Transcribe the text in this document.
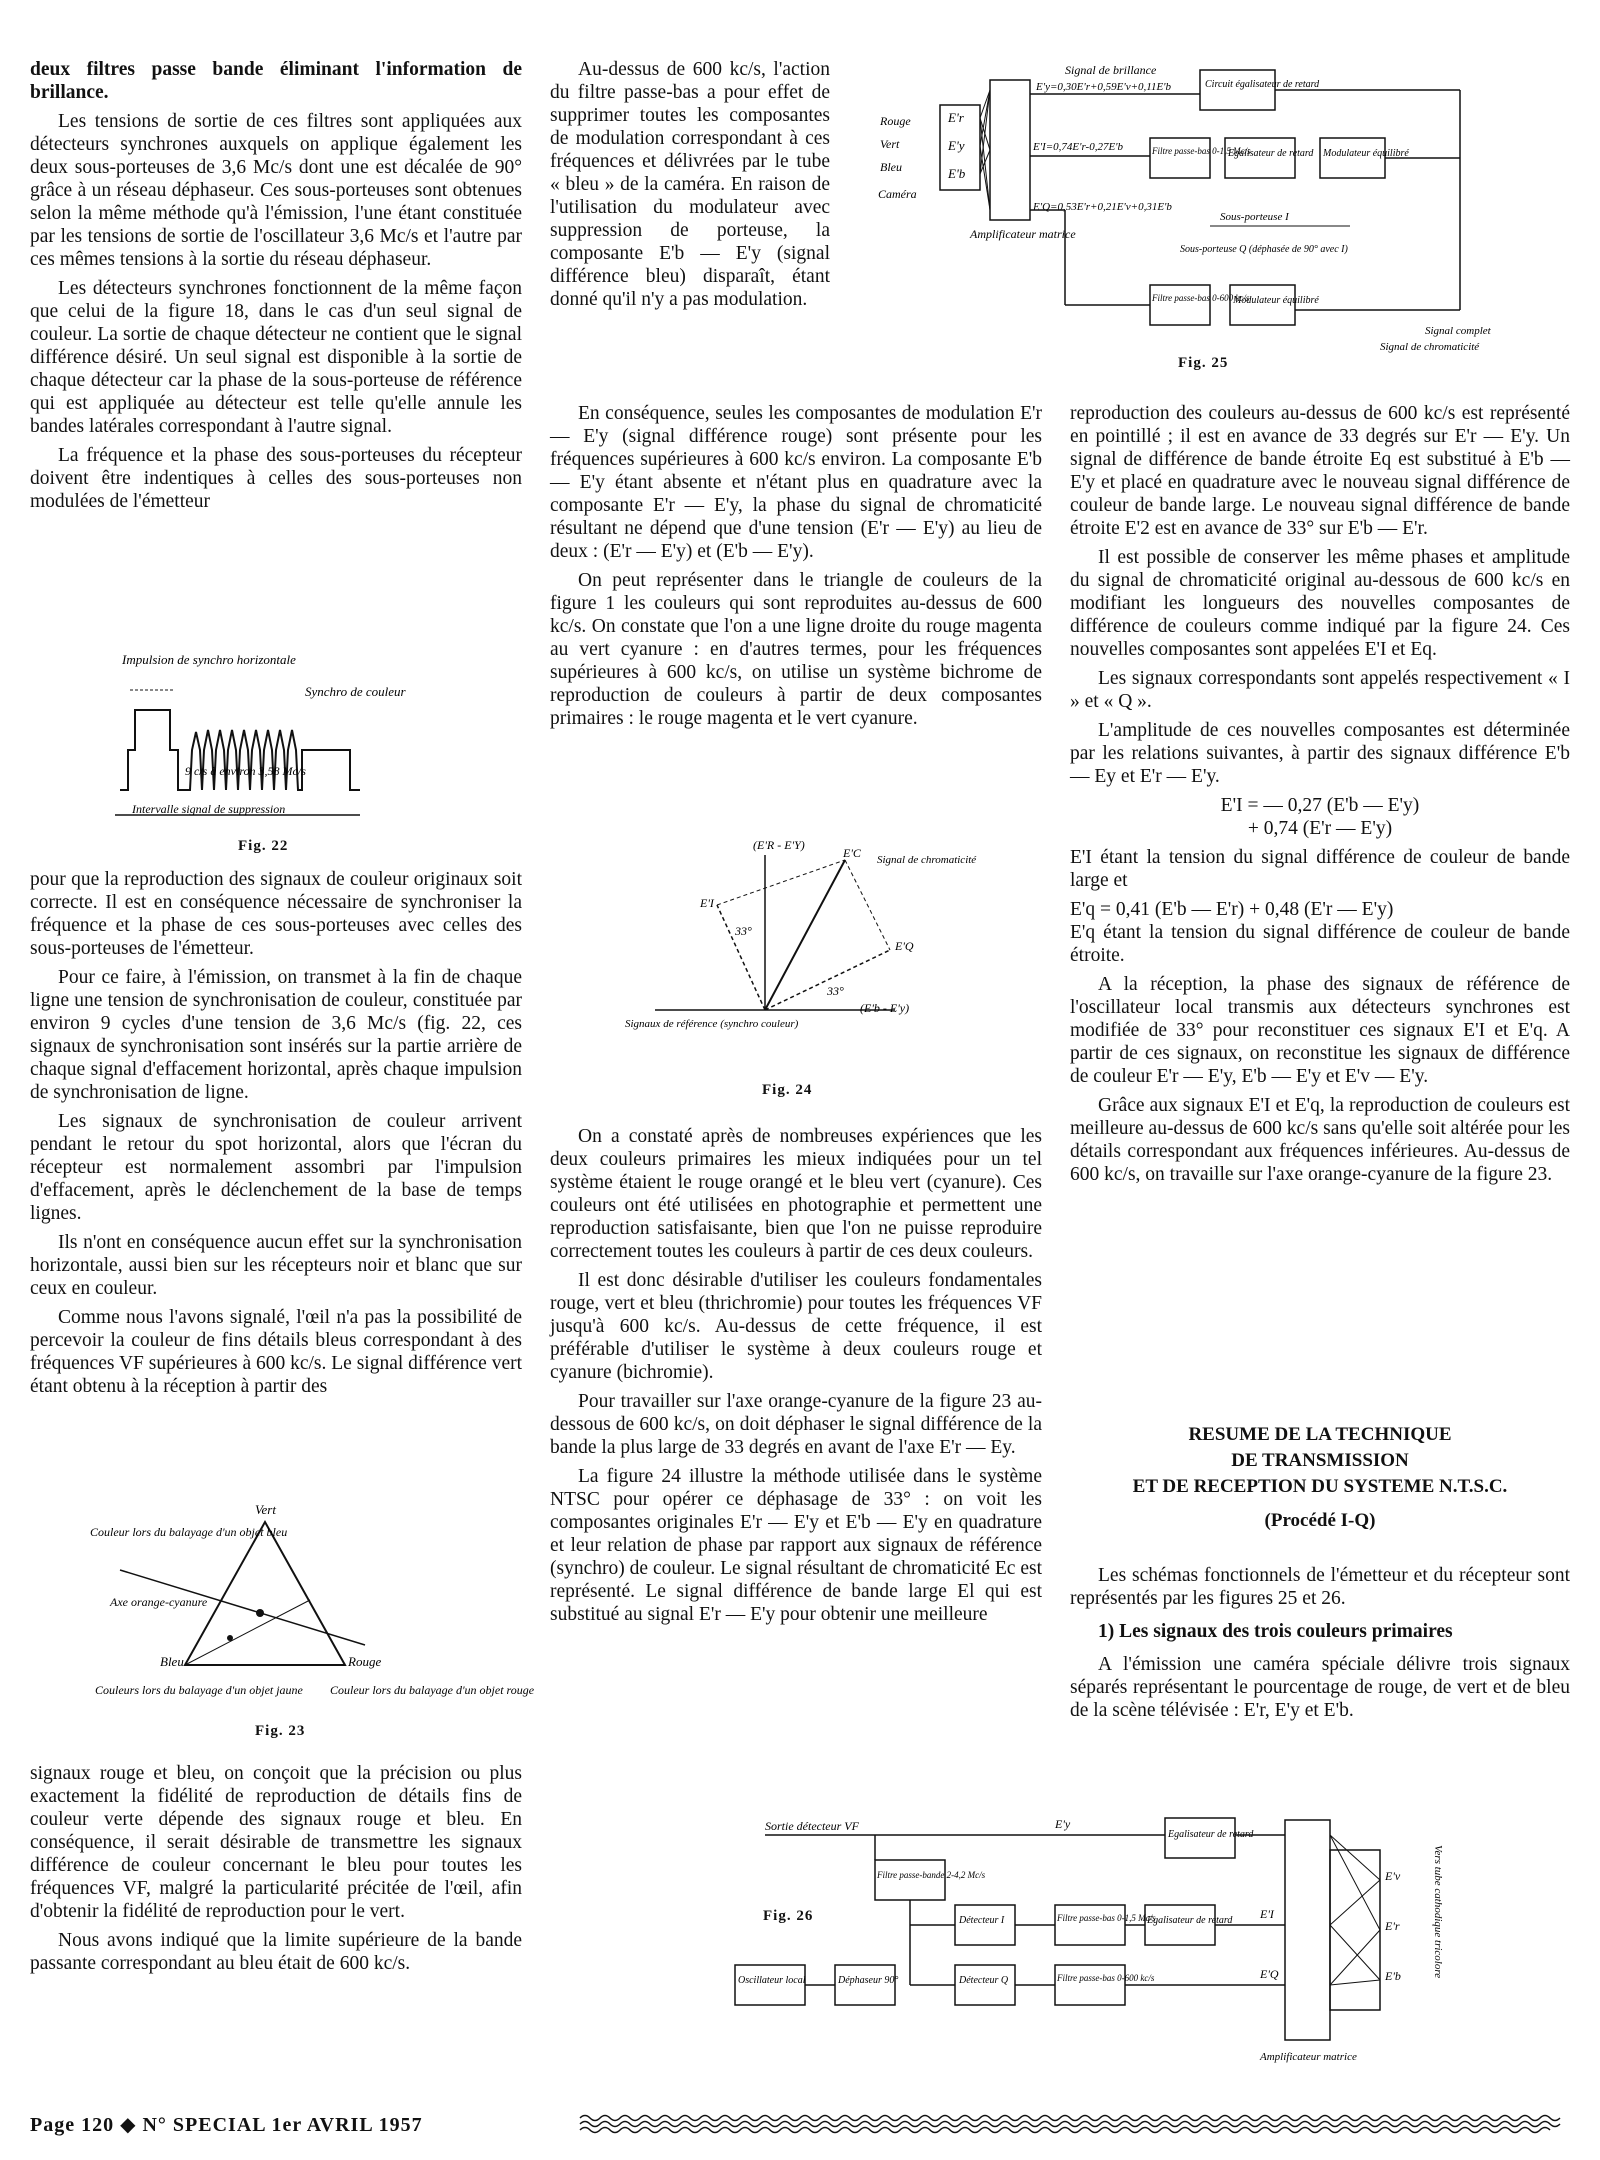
deux filtres passe bande éliminant l'information de brillance.

Les tensions de sortie de ces filtres sont appliquées aux détecteurs synchrones auxquels on applique également les deux sous-porteuses de 3,6 Mc/s dont une est décalée de 90° grâce à un réseau déphaseur. Ces sous-porteuses sont obtenues selon la même méthode qu'à l'émission, l'une étant constituée par les tensions de sortie de l'oscillateur 3,6 Mc/s et l'autre par ces mêmes tensions à la sortie du réseau déphaseur.

Les détecteurs synchrones fonctionnent de la même façon que celui de la figure 18, dans le cas d'un seul signal de couleur. La sortie de chaque détecteur ne contient que le signal différence désiré. Un seul signal est disponible à la sortie de chaque détecteur car la phase de la sous-porteuse de référence qui est appliquée au détecteur est telle qu'elle annule les bandes latérales correspondant à l'autre signal.

La fréquence et la phase des sous-porteuses du récepteur doivent être indentiques à celles des sous-porteuses non modulées de l'émetteur

Impulsion de synchro horizontale
Synchro de couleur
9 c/s à environ 3,58 Mc/s
Intervalle signal de suppression
Fig. 22

pour que la reproduction des signaux de couleur originaux soit correcte. Il est en conséquence nécessaire de synchroniser la fréquence et la phase de ces sous-porteuses avec celles des sous-porteuses de l'émetteur.

Pour ce faire, à l'émission, on transmet à la fin de chaque ligne une tension de synchronisation de couleur, constituée par environ 9 cycles d'une tension de 3,6 Mc/s (fig. 22, ces signaux de synchronisation sont insérés sur la partie arrière de chaque signal d'effacement horizontal, après chaque impulsion de synchronisation de ligne.

Les signaux de synchronisation de couleur arrivent pendant le retour du spot horizontal, alors que l'écran du récepteur est normalement assombri par l'impulsion d'effacement, après le déclenchement de la base de temps lignes.

Ils n'ont en conséquence aucun effet sur la synchronisation horizontale, aussi bien sur les récepteurs noir et blanc que sur ceux en couleur.

Comme nous l'avons signalé, l'œil n'a pas la possibilité de percevoir la couleur de fins détails bleus correspondant à des fréquences VF supérieures à 600 kc/s. Le signal différence vert étant obtenu à la réception à partir des

Vert
Couleur lors du balayage d'un objet bleu
Axe orange-cyanure
Bleu	Rouge
Couleurs lors du balayage d'un objet jaune Couleur lors du balayage d'un objet rouge
Fig. 23

signaux rouge et bleu, on conçoit que la précision ou plus exactement la fidélité de reproduction de détails fins de couleur verte dépende des signaux rouge et bleu. En conséquence, il serait désirable de transmettre les signaux différence de couleur concernant le bleu pour toutes les fréquences VF, malgré la particularité précitée de l'œil, afin d'obtenir la fidélité de reproduction pour le vert.

Nous avons indiqué que la limite supérieure de la bande passante correspondant au bleu était de 600 kc/s.

Au-dessus de 600 kc/s, l'action du filtre passe-bas a pour effet de supprimer toutes les composantes de modulation correspondant à ces fréquences et délivrées par le tube « bleu » de la caméra. En raison de l'utilisation du modulateur avec suppression de porteuse, la composante E'b — E'y (signal différence bleu) disparaît, étant donné qu'il n'y a pas modulation.

Rouge
Vert
Bleu
Caméra
E'r
E'y
E'b
Amplificateur matrice
Signal de brillance
E'y=0,30E'r+0,59E'v+0,11E'b	Circuit égalisateur de retard
E'I=0,74E'r-0,27E'b	Filtre passe-bas 0-1,5 Mc/s
Egalisateur de retard Modulateur équilibré
E'Q=0,53E'r+0,21E'v+0,31E'b
Sous-porteuse I
Sous-porteuse Q (déphasée de 90° avec I)
Filtre passe-bas 0-600 kc/s
Modulateur équilibré
Signal complet
Signal de chromaticité
Fig. 25

En conséquence, seules les composantes de modulation E'r — E'y (signal différence rouge) sont présente pour les fréquences supérieures à 600 kc/s environ. La composante E'b — E'y étant absente et n'étant plus en quadrature avec la composante E'r — E'y, la phase du signal de chromaticité résultant ne dépend que d'une tension (E'r — E'y) au lieu de deux : (E'r — E'y) et (E'b — E'y).

On peut représenter dans le triangle de couleurs de la figure 1 les couleurs qui sont reproduites au-dessus de 600 kc/s. On constate que l'on a une ligne droite du rouge magenta au vert cyanure : en d'autres termes, pour les fréquences supérieures à 600 kc/s, on utilise un système bichrome de reproduction de couleurs à partir de deux composantes primaires : le rouge magenta et le vert cyanure.

(E'R - E'Y)
E'C Signal de chromaticité
E'I
E'Q
33°
33°
(E'b - E'y)
Signaux de référence (synchro couleur)
Fig. 24

On a constaté après de nombreuses expériences que les deux couleurs primaires les mieux indiquées pour un tel système étaient le rouge orangé et le bleu vert (cyanure). Ces couleurs ont été utilisées en photographie et permettent une reproduction satisfaisante, bien que l'on ne puisse reproduire correctement toutes les couleurs à partir de ces deux couleurs.

Il est donc désirable d'utiliser les couleurs fondamentales rouge, vert et bleu (thrichromie) pour toutes les fréquences VF jusqu'à 600 kc/s. Au-dessus de cette fréquence, il est préférable d'utiliser le système à deux couleurs rouge et cyanure (bichromie).

Pour travailler sur l'axe orange-cyanure de la figure 23 au-dessous de 600 kc/s, on doit déphaser le signal différence de la bande la plus large de 33 degrés en avant de l'axe E'r — Ey.

La figure 24 illustre la méthode utilisée dans le système NTSC pour opérer ce déphasage de 33° : on voit les composantes originales E'r — E'y et E'b — E'y en quadrature et leur relation de phase par rapport aux signaux de référence (synchro) de couleur. Le signal résultant de chromaticité Ec est représenté. Le signal différence de bande large El qui est substitué au signal E'r — E'y pour obtenir une meilleure

reproduction des couleurs au-dessus de 600 kc/s est représenté en pointillé ; il est en avance de 33 degrés sur E'r — E'y. Un signal de différence de bande étroite Eq est substitué à E'b — E'y et placé en quadrature avec le nouveau signal différence de couleur de bande large. Le nouveau signal différence de bande étroite E'2 est en avance de 33° sur E'b — E'r.

Il est possible de conserver les même phases et amplitude du signal de chromaticité original au-dessous de 600 kc/s en modifiant les longueurs des nouvelles composantes de différence de couleurs comme indiqué par la figure 24. Ces nouvelles composantes sont appelées E'I et Eq.

Les signaux correspondants sont appelés respectivement « I » et « Q ».

L'amplitude de ces nouvelles composantes est déterminée par les relations suivantes, à partir des signaux différence E'b — Ey et E'r — E'y.

E'I = — 0,27 (E'b — E'y)

+ 0,74 (E'r — E'y)

E'I étant la tension du signal différence de couleur de bande large et

E'q = 0,41 (E'b — E'r) + 0,48 (E'r — E'y)

E'q étant la tension du signal différence de couleur de bande étroite.

A la réception, la phase des signaux de référence de l'oscillateur local transmis aux détecteurs synchrones est modifiée de 33° pour reconstituer ces signaux E'I et E'q. A partir de ces signaux, on reconstitue les signaux de différence de couleur E'r — E'y, E'b — E'y et E'v — E'y.

Grâce aux signaux E'I et E'q, la reproduction de couleurs est meilleure au-dessus de 600 kc/s sans qu'elle soit altérée pour les détails correspondant aux fréquences inférieures. Au-dessus de 600 kc/s, on travaille sur l'axe orange-cyanure de la figure 23.

RESUME DE LA TECHNIQUE
DE TRANSMISSION
ET DE RECEPTION DU SYSTEME N.T.S.C.
(Procédé I-Q)

Les schémas fonctionnels de l'émetteur et du récepteur sont représentés par les figures 25 et 26.

1) Les signaux des trois couleurs primaires

A l'émission une caméra spéciale délivre trois signaux séparés représentant le pourcentage de rouge, de vert et de bleu de la scène télévisée : E'r, E'y et E'b.

Sortie détecteur VF	E'y
Egalisateur de retard
Filtre passe-bande 2-4,2 Mc/s
Détecteur I	Filtre passe-bas 0-1,5 Mc/s
Egalisateur de retard
Oscillateur local	Déphaseur 90°	Détecteur Q	Filtre passe-bas 0-600 kc/s
E'I
E'Q
E'v
E'r
E'b
Amplificateur matrice
Vers tube cathodique tricolore
Fig. 26
Page 120 ◆ N° SPECIAL 1er AVRIL 1957
